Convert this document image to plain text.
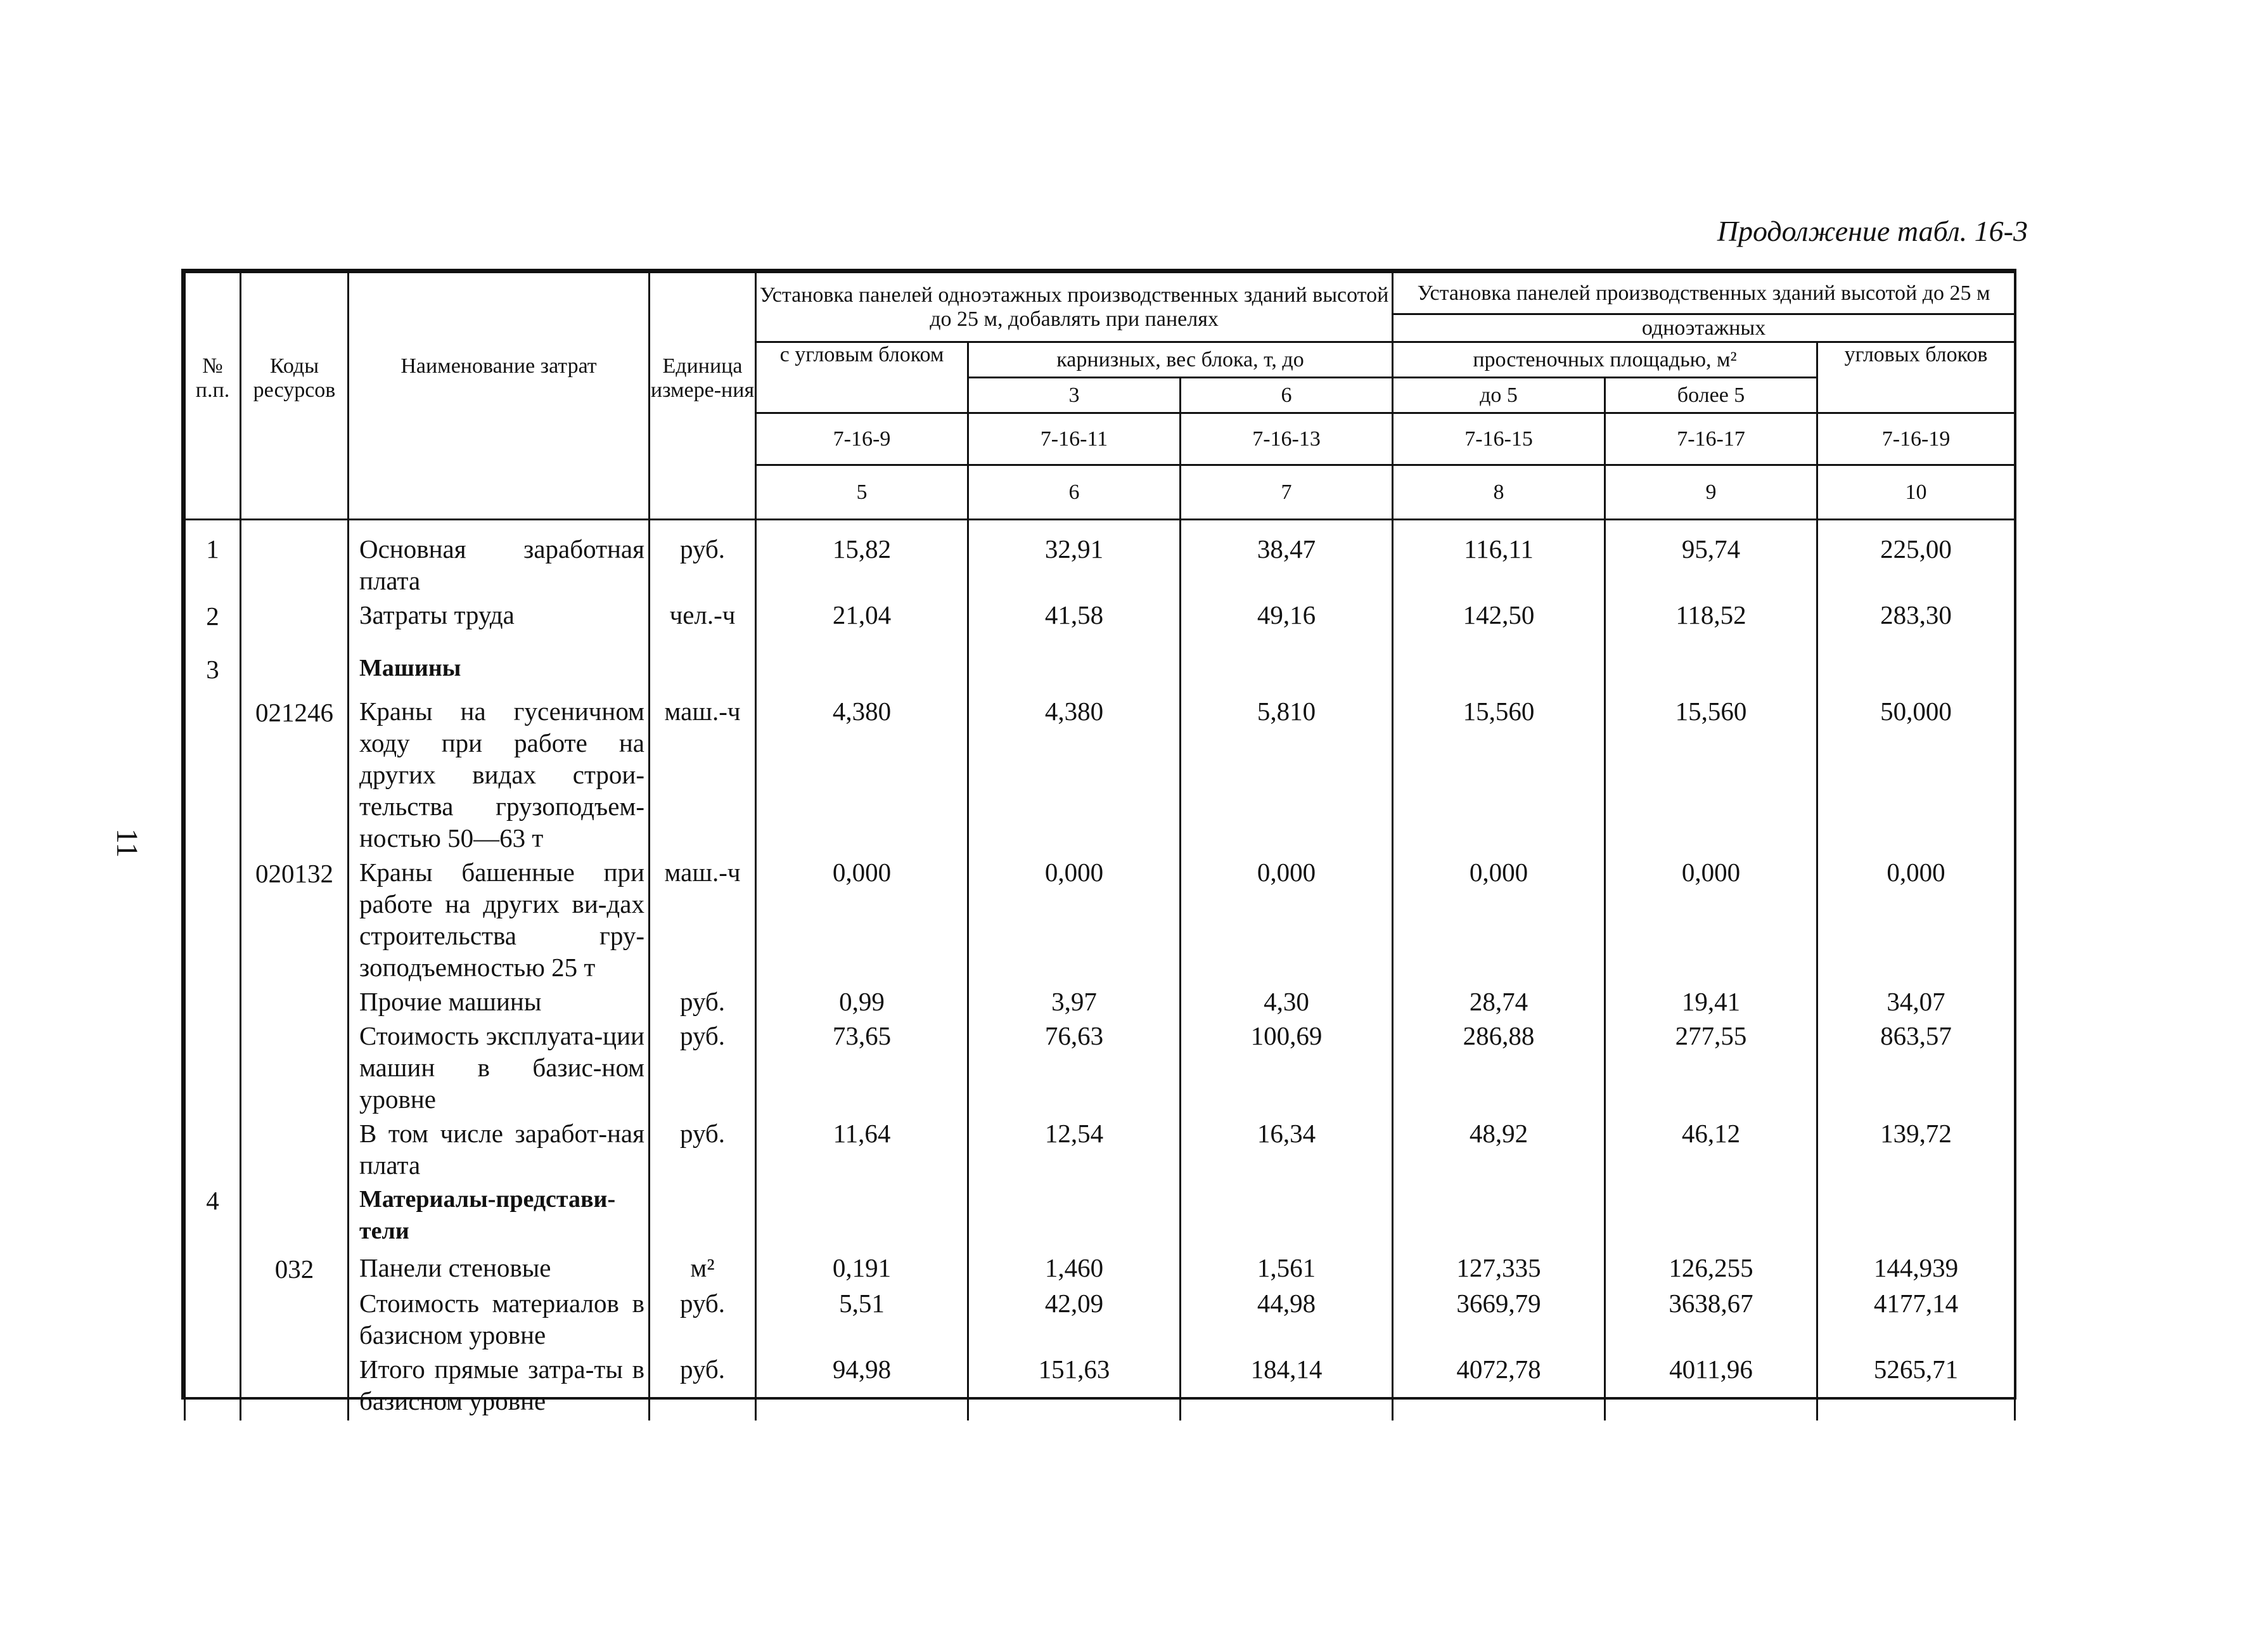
Продолжение табл. 16-3
11
№ п.п.	Коды ресурсов	Наименование затрат	Единица измере-ния	Установка панелей одноэтажных производственных зданий высотой до 25 м, добавлять при панелях			Установка панелей производственных зданий высотой до 25 м		
							одноэтажных		
				с угловым блоком	карнизных, вес блока, т, до		простеночных площадью, м²		угловых блоков
					3	6	до 5	более 5	
				7-16-9	7-16-11	7-16-13	7-16-15	7-16-17	7-16-19
				5	6	7	8	9	10
1		Основная заработная плата	руб.	15,82	32,91	38,47	116,11	95,74	225,00
2		Затраты труда	чел.-ч	21,04	41,58	49,16	142,50	118,52	283,30
3		Машины							
	021246	Краны на гусеничном ходу при работе на других видах строи-тельства грузоподъем-ностью 50—63 т	маш.-ч	4,380	4,380	5,810	15,560	15,560	50,000
	020132	Краны башенные при работе на других ви-дах строительства гру-зоподъемностью 25 т	маш.-ч	0,000	0,000	0,000	0,000	0,000	0,000
		Прочие машины	руб.	0,99	3,97	4,30	28,74	19,41	34,07
		Стоимость эксплуата-ции машин в базис-ном уровне	руб.	73,65	76,63	100,69	286,88	277,55	863,57
		В том числе заработ-ная плата	руб.	11,64	12,54	16,34	48,92	46,12	139,72
4		Материалы-представи-тели							
	032	Панели стеновые	м²	0,191	1,460	1,561	127,335	126,255	144,939
		Стоимость материалов в базисном уровне	руб.	5,51	42,09	44,98	3669,79	3638,67	4177,14
		Итого прямые затра-ты в базисном уровне	руб.	94,98	151,63	184,14	4072,78	4011,96	5265,71
